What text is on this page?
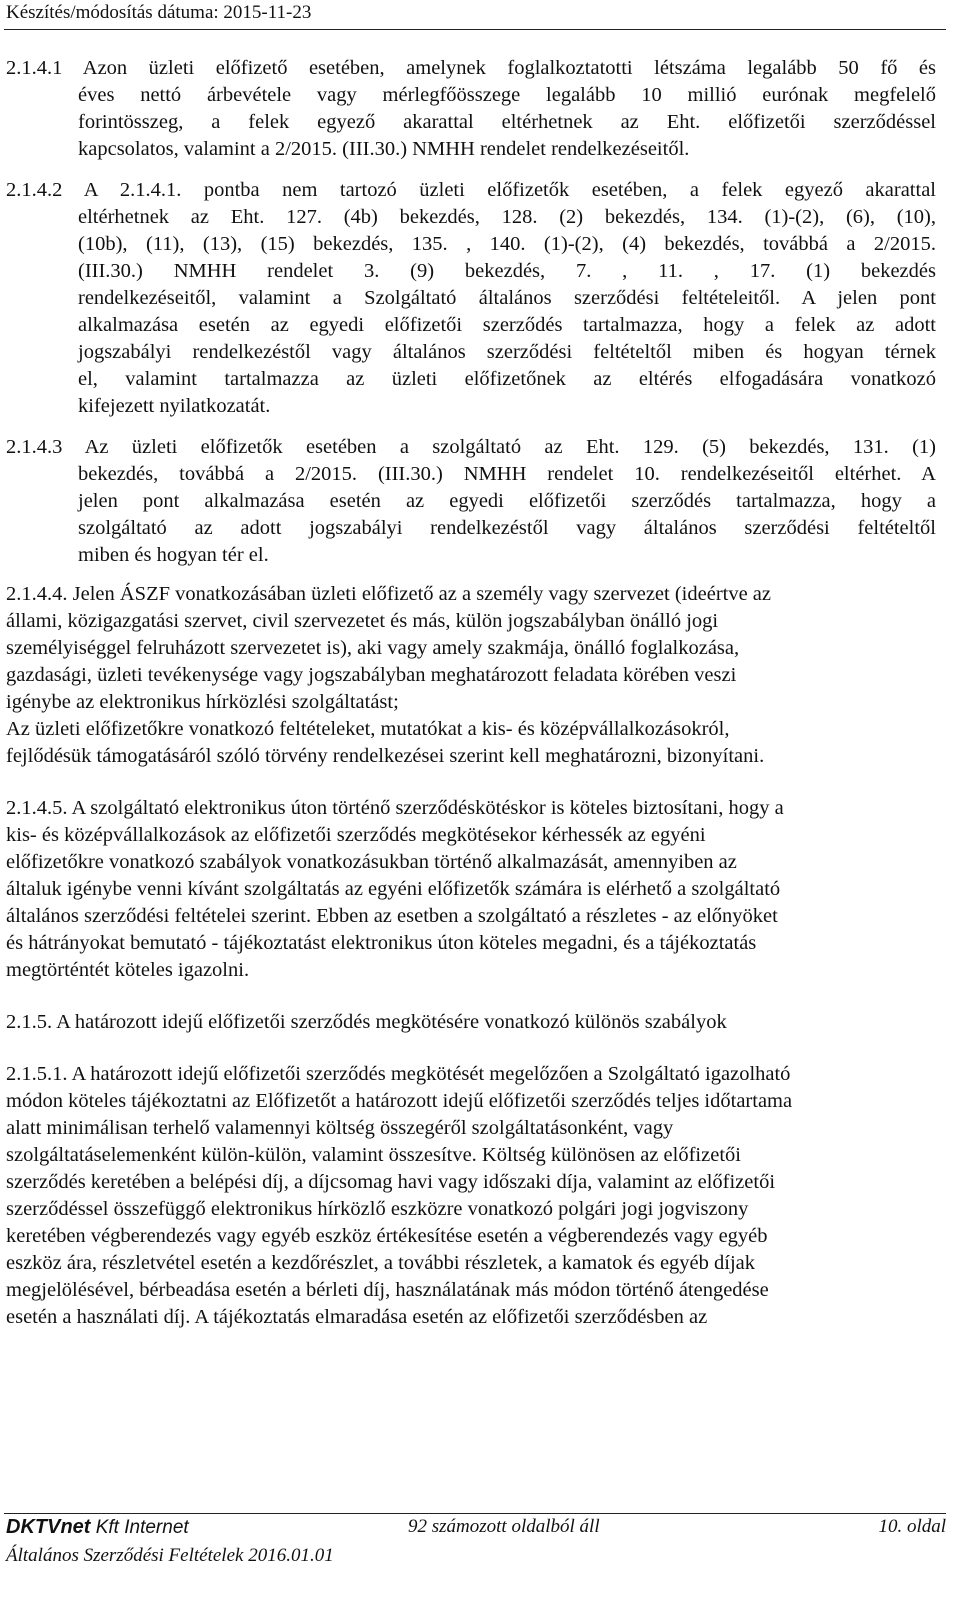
Készítés/módosítás dátuma: 2015-11-23
2.1.4.1 Azon üzleti előfizető esetében, amelynek foglalkoztatotti létszáma legalább 50 fő és
éves nettó árbevétele vagy mérlegfőösszege legalább 10 millió eurónak megfelelő
forintösszeg, a felek egyező akarattal eltérhetnek az Eht. előfizetői szerződéssel
kapcsolatos, valamint a 2/2015. (III.30.) NMHH rendelet rendelkezéseitől.
2.1.4.2 A 2.1.4.1. pontba nem tartozó üzleti előfizetők esetében, a felek egyező akarattal
eltérhetnek az Eht. 127. (4b) bekezdés, 128. (2) bekezdés, 134. (1)-(2), (6), (10),
(10b), (11), (13), (15) bekezdés, 135. , 140. (1)-(2), (4) bekezdés, továbbá a 2/2015.
(III.30.) NMHH rendelet 3. (9) bekezdés, 7. , 11. , 17. (1) bekezdés
rendelkezéseitől, valamint a Szolgáltató általános szerződési feltételeitől. A jelen pont
alkalmazása esetén az egyedi előfizetői szerződés tartalmazza, hogy a felek az adott
jogszabályi rendelkezéstől vagy általános szerződési feltételtől miben és hogyan térnek
el, valamint tartalmazza az üzleti előfizetőnek az eltérés elfogadására vonatkozó
kifejezett nyilatkozatát.
2.1.4.3 Az üzleti előfizetők esetében a szolgáltató az Eht. 129. (5) bekezdés, 131. (1)
bekezdés, továbbá a 2/2015. (III.30.) NMHH rendelet 10. rendelkezéseitől eltérhet. A
jelen pont alkalmazása esetén az egyedi előfizetői szerződés tartalmazza, hogy a
szolgáltató az adott jogszabályi rendelkezéstől vagy általános szerződési feltételtől
miben és hogyan tér el.
2.1.4.4. Jelen ÁSZF vonatkozásában üzleti előfizető az a személy vagy szervezet (ideértve az
állami, közigazgatási szervet, civil szervezetet és más, külön jogszabályban önálló jogi
személyiséggel felruházott szervezetet is), aki vagy amely szakmája, önálló foglalkozása,
gazdasági, üzleti tevékenysége vagy jogszabályban meghatározott feladata körében veszi
igénybe az elektronikus hírközlési szolgáltatást;
Az üzleti előfizetőkre vonatkozó feltételeket, mutatókat a kis- és középvállalkozásokról,
fejlődésük támogatásáról szóló törvény rendelkezései szerint kell meghatározni, bizonyítani.
2.1.4.5. A szolgáltató elektronikus úton történő szerződéskötéskor is köteles biztosítani, hogy a
kis- és középvállalkozások az előfizetői szerződés megkötésekor kérhessék az egyéni
előfizetőkre vonatkozó szabályok vonatkozásukban történő alkalmazását, amennyiben az
általuk igénybe venni kívánt szolgáltatás az egyéni előfizetők számára is elérhető a szolgáltató
általános szerződési feltételei szerint. Ebben az esetben a szolgáltató a részletes - az előnyöket
és hátrányokat bemutató - tájékoztatást elektronikus úton köteles megadni, és a tájékoztatás
megtörténtét köteles igazolni.
2.1.5. A határozott idejű előfizetői szerződés megkötésére vonatkozó különös szabályok
2.1.5.1. A határozott idejű előfizetői szerződés megkötését megelőzően a Szolgáltató igazolható
módon köteles tájékoztatni az Előfizetőt a határozott idejű előfizetői szerződés teljes időtartama
alatt minimálisan terhelő valamennyi költség összegéről szolgáltatásonként, vagy
szolgáltatáselemenként külön-külön, valamint összesítve. Költség különösen az előfizetői
szerződés keretében a belépési díj, a díjcsomag havi vagy időszaki díja, valamint az előfizetői
szerződéssel összefüggő elektronikus hírközlő eszközre vonatkozó polgári jogi jogviszony
keretében végberendezés vagy egyéb eszköz értékesítése esetén a végberendezés vagy egyéb
eszköz ára, részletvétel esetén a kezdőrészlet, a további részletek, a kamatok és egyéb díjak
megjelölésével, bérbeadása esetén a bérleti díj, használatának más módon történő átengedése
esetén a használati díj. A tájékoztatás elmaradása esetén az előfizetői szerződésben az
DKTVnet Kft Internet	92 számozott oldalból áll	10. oldal
Általános Szerződési Feltételek 2016.01.01
